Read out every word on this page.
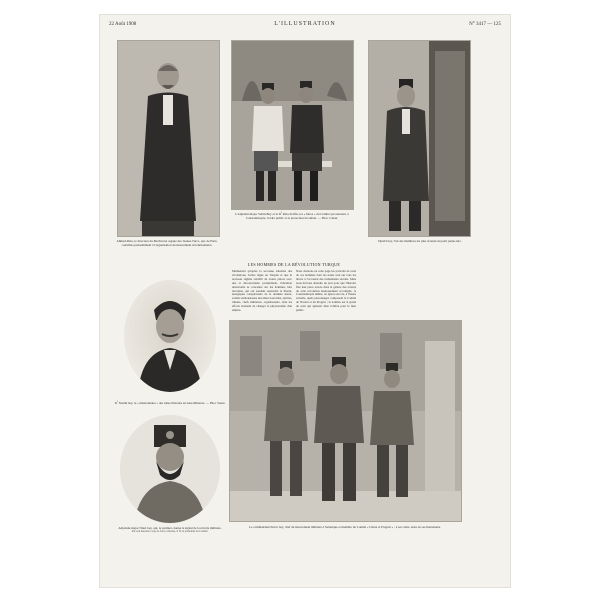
22 Août 1908	L'ILLUSTRATION	N° 3417 — 125
Ahmed-Riza, le directeur du Mechveret organe des Jeunes-Turcs, qui, de Paris, contribua puissamment à l'organisation du mouvement révolutionnaire.
L'adjudant-major Selim-Bey et le $D^r$ Riza-Tevfik, les « héros » du Comité qui assurent, à Constantinople, l'ordre public et la protection du sultan. — Phot. Caban.
Djavid bey, l'un des membres les plus écoutés du parti jeune-turc.
LES HOMMES DE LA RÉVOLUTION TURQUE
Maintenant qu'après la secousse salutaire des révolutions, l'ordre règne en Turquie et que le nouveau régime s'établit de toutes pièces avec une si déconcertante promptitude, l'attention universelle se concentre sur les hommes, hier inconnus, qui ont soudain ressuscité la liberté, énergiques conspirateurs de la dernière heure, soldats enthousiastes des idées nouvelles, apôtres, tribuns, chefs militaires, organisateurs, dont les efforts viennent de changer la physionomie d'un empire.
Nous donnons en cette page les portraits de ceux de ces hommes dont les noms sont sur tous les lèvres à l'occasion des événements récents. Mais nous devrons attendre un jour pour que l'histoire fixe leur place exacte dans la galerie des acteurs de cette révolution heureusement accomplie. À Constantinople même, on ignore encore, à l'heure actuelle, quels personnages composent le Comité de l'Union et du Progrès ; le nombre est si grand de ceux qui agissent dans l'ombre pour le bien public.
$D^r$ Nazim bey, le « missionnaire » des idées libérales en Asie-Mineure. — Phot. Sauré.
Adjudant-major Niazi bey, qui, le premier, donna le signal de la révolte militaire.
Par son heureux coup de force à Resna, il fit le président du Comité.
Le commandant Enver bey, chef du mouvement militaire à Salonique et membre du Comité « Union et Progrès » ; à ses côtés, deux de ses lieutenants.
